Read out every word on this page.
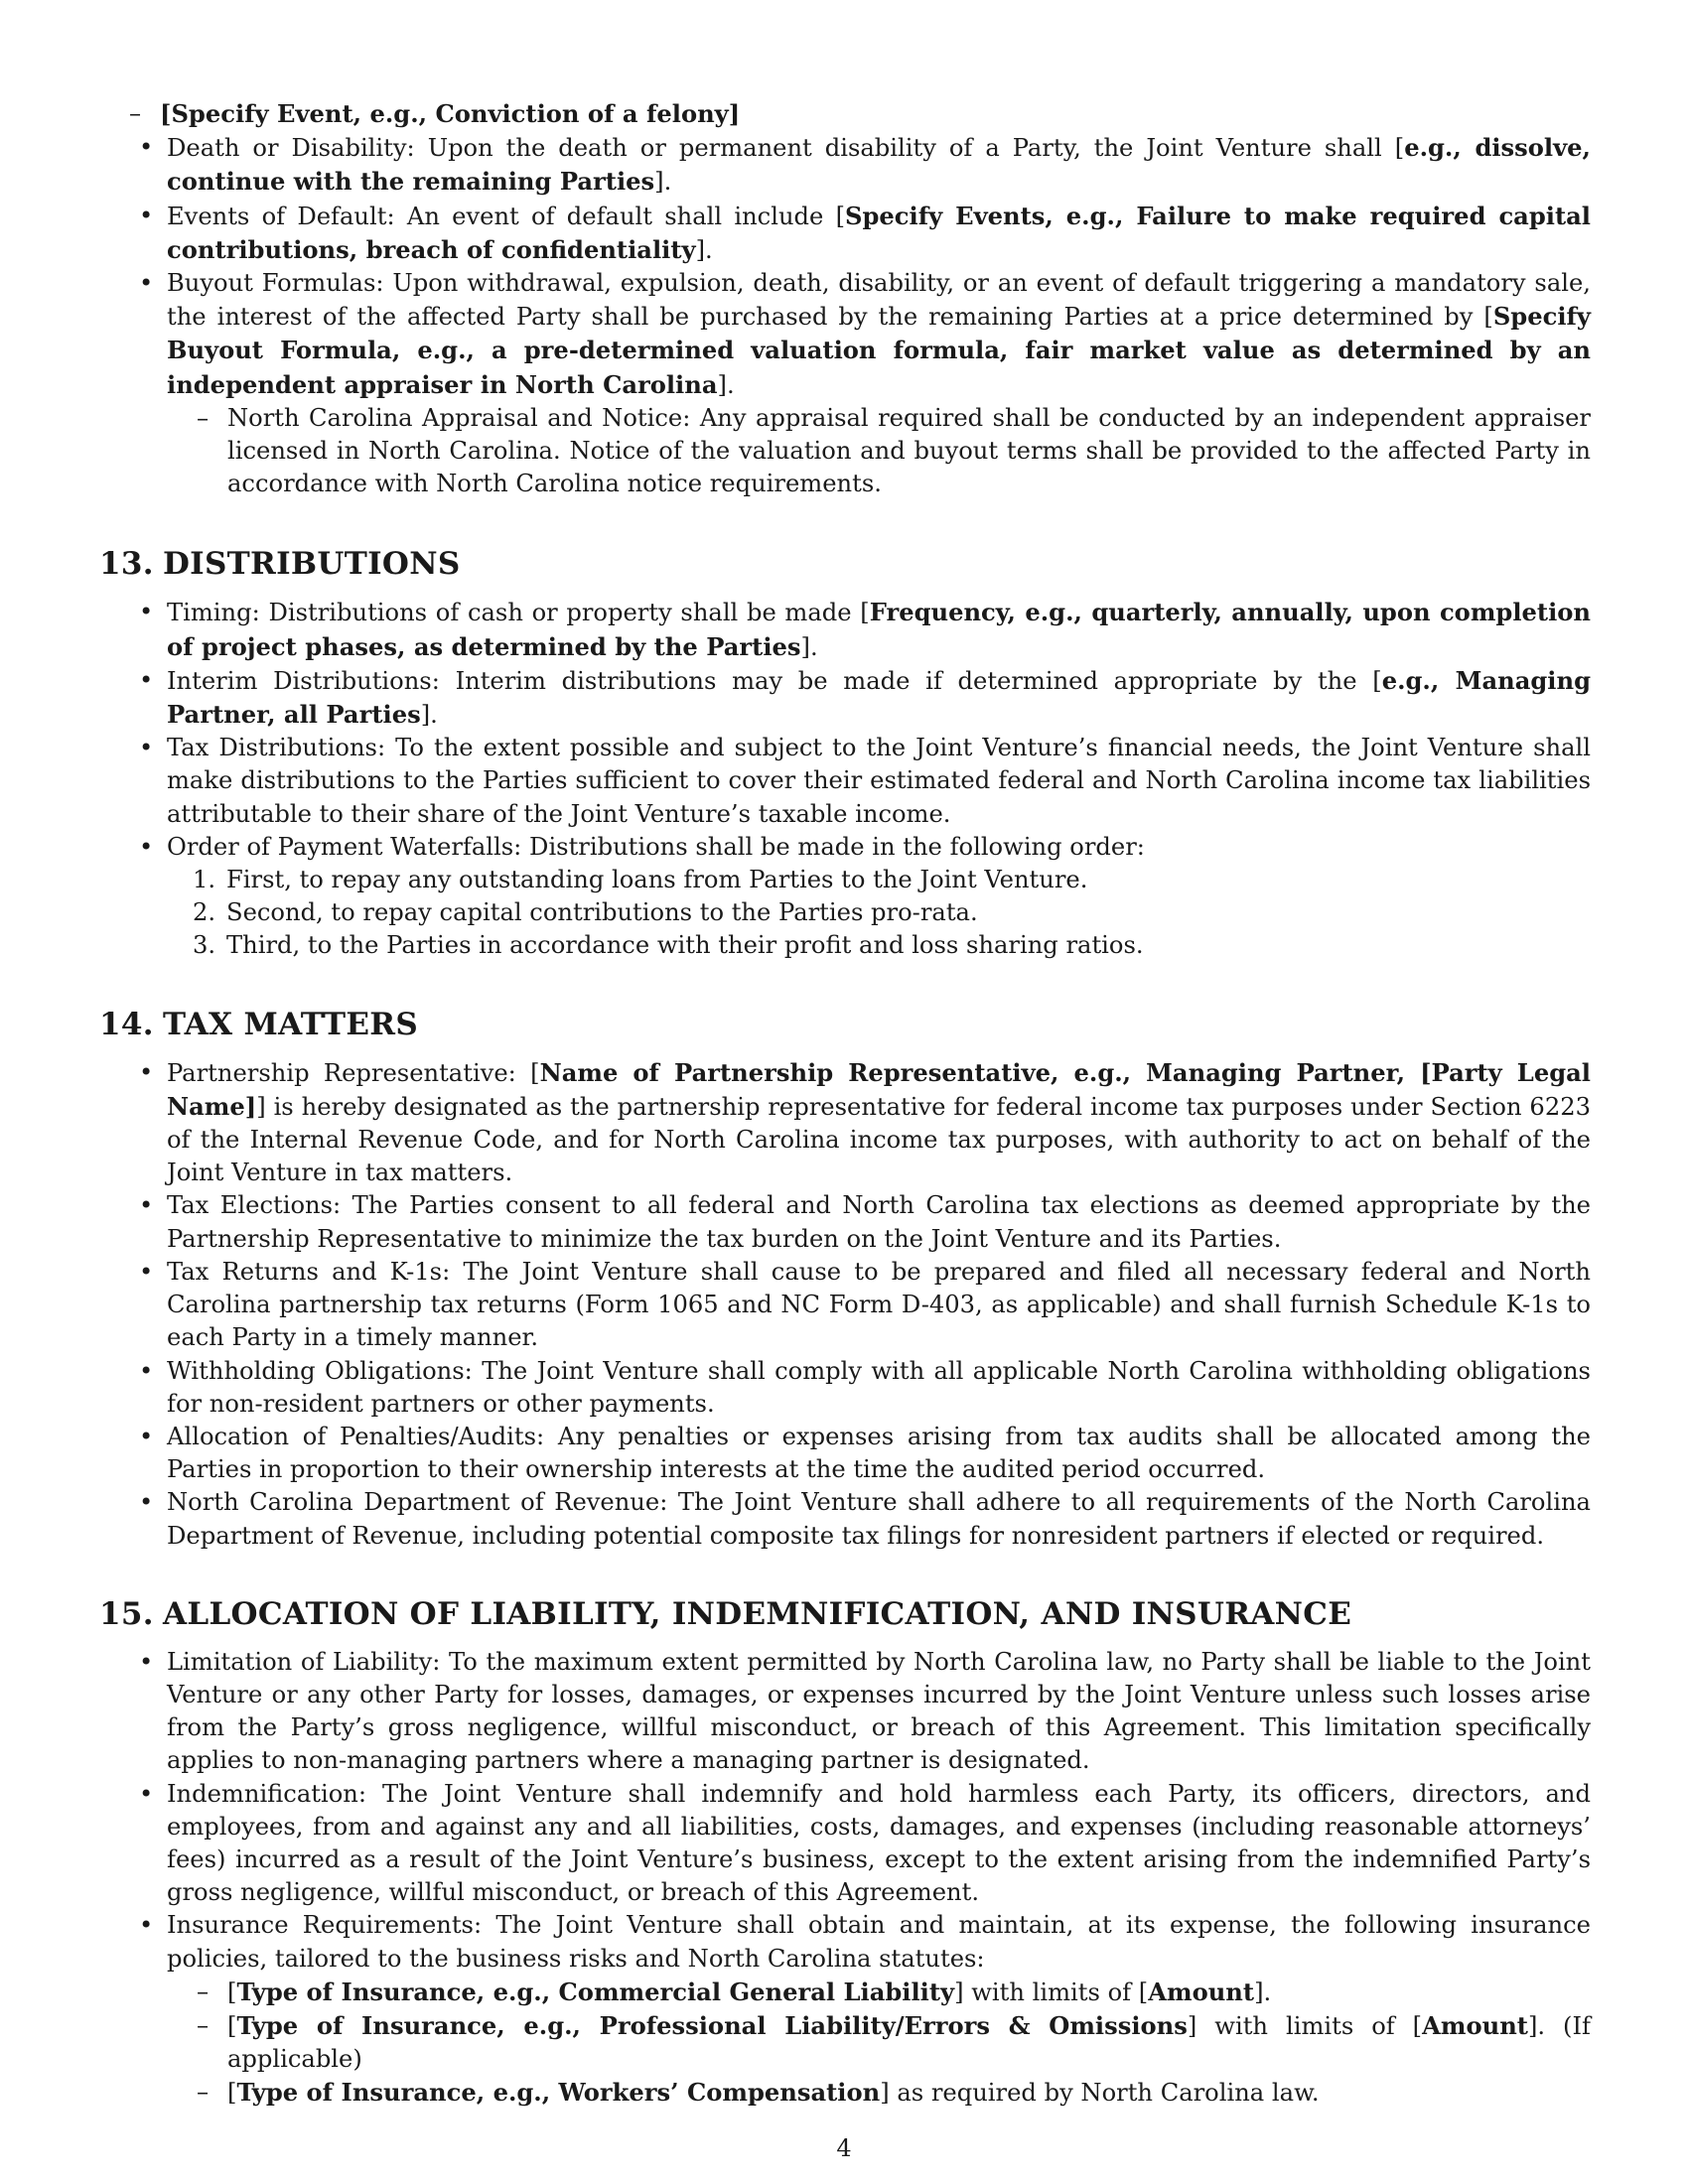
– [Specify Event, e.g., Conviction of a felony]
• Death or Disability: Upon the death or permanent disability of a Party, the Joint Venture shall [e.g., dissolve, continue with the remaining Parties].
• Events of Default: An event of default shall include [Specify Events, e.g., Failure to make required capital contributions, breach of confidentiality].
• Buyout Formulas: Upon withdrawal, expulsion, death, disability, or an event of default triggering a mandatory sale, the interest of the affected Party shall be purchased by the remaining Parties at a price determined by [Specify Buyout Formula, e.g., a pre-determined valuation formula, fair market value as determined by an independent appraiser in North Carolina].
– North Carolina Appraisal and Notice: Any appraisal required shall be conducted by an independent appraiser licensed in North Carolina. Notice of the valuation and buyout terms shall be provided to the affected Party in accordance with North Carolina notice requirements.
13. DISTRIBUTIONS
• Timing: Distributions of cash or property shall be made [Frequency, e.g., quarterly, annually, upon completion of project phases, as determined by the Parties].
• Interim Distributions: Interim distributions may be made if determined appropriate by the [e.g., Managing Partner, all Parties].
• Tax Distributions: To the extent possible and subject to the Joint Venture’s financial needs, the Joint Venture shall make distributions to the Parties sufficient to cover their estimated federal and North Carolina income tax liabilities attributable to their share of the Joint Venture’s taxable income.
• Order of Payment Waterfalls: Distributions shall be made in the following order:
1. First, to repay any outstanding loans from Parties to the Joint Venture.
2. Second, to repay capital contributions to the Parties pro-rata.
3. Third, to the Parties in accordance with their profit and loss sharing ratios.
14. TAX MATTERS
• Partnership Representative: [Name of Partnership Representative, e.g., Managing Partner, [Party Legal Name]] is hereby designated as the partnership representative for federal income tax purposes under Section 6223 of the Internal Revenue Code, and for North Carolina income tax purposes, with authority to act on behalf of the Joint Venture in tax matters.
• Tax Elections: The Parties consent to all federal and North Carolina tax elections as deemed appropriate by the Partnership Representative to minimize the tax burden on the Joint Venture and its Parties.
• Tax Returns and K-1s: The Joint Venture shall cause to be prepared and filed all necessary federal and North Carolina partnership tax returns (Form 1065 and NC Form D-403, as applicable) and shall furnish Schedule K-1s to each Party in a timely manner.
• Withholding Obligations: The Joint Venture shall comply with all applicable North Carolina withholding obligations for non-resident partners or other payments.
• Allocation of Penalties/Audits: Any penalties or expenses arising from tax audits shall be allocated among the Parties in proportion to their ownership interests at the time the audited period occurred.
• North Carolina Department of Revenue: The Joint Venture shall adhere to all requirements of the North Carolina Department of Revenue, including potential composite tax filings for nonresident partners if elected or required.
15. ALLOCATION OF LIABILITY, INDEMNIFICATION, AND INSURANCE
• Limitation of Liability: To the maximum extent permitted by North Carolina law, no Party shall be liable to the Joint Venture or any other Party for losses, damages, or expenses incurred by the Joint Venture unless such losses arise from the Party’s gross negligence, willful misconduct, or breach of this Agreement. This limitation specifically applies to non-managing partners where a managing partner is designated.
• Indemnification: The Joint Venture shall indemnify and hold harmless each Party, its officers, directors, and employees, from and against any and all liabilities, costs, damages, and expenses (including reasonable attorneys’ fees) incurred as a result of the Joint Venture’s business, except to the extent arising from the indemnified Party’s gross negligence, willful misconduct, or breach of this Agreement.
• Insurance Requirements: The Joint Venture shall obtain and maintain, at its expense, the following insurance policies, tailored to the business risks and North Carolina statutes:
– [Type of Insurance, e.g., Commercial General Liability] with limits of [Amount].
– [Type of Insurance, e.g., Professional Liability/Errors & Omissions] with limits of [Amount]. (If applicable)
– [Type of Insurance, e.g., Workers’ Compensation] as required by North Carolina law.
4
